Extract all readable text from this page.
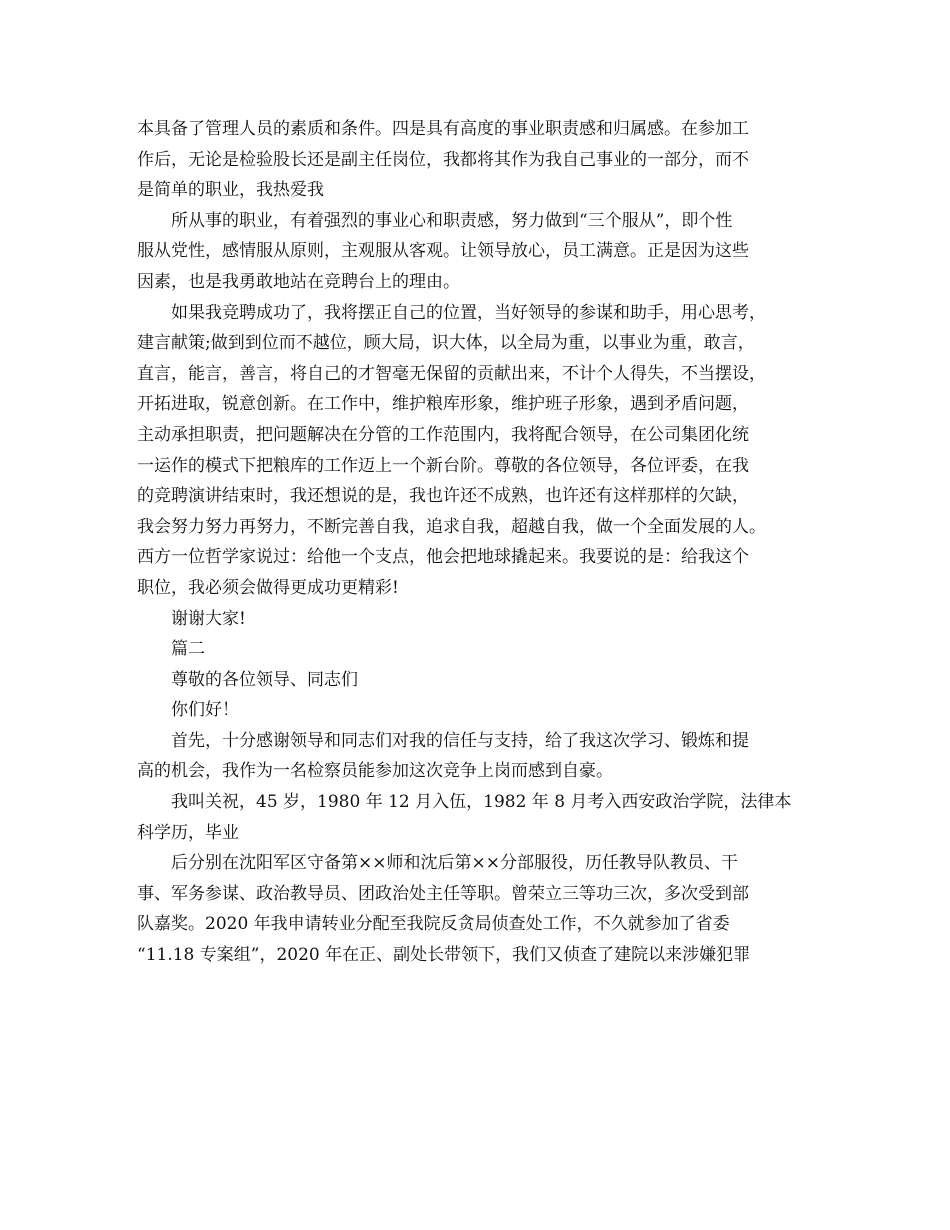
本具备了管理人员的素质和条件。四是具有高度的事业职责感和归属感。在参加工
作后，无论是检验股长还是副主任岗位，我都将其作为我自己事业的一部分，而不
是简单的职业，我热爱我
所从事的职业，有着强烈的事业心和职责感，努力做到“三个服从”，即个性
服从党性，感情服从原则，主观服从客观。让领导放心，员工满意。正是因为这些
因素，也是我勇敢地站在竞聘台上的理由。
如果我竞聘成功了，我将摆正自己的位置，当好领导的参谋和助手，用心思考，
建言献策;做到到位而不越位，顾大局，识大体，以全局为重，以事业为重，敢言，
直言，能言，善言，将自己的才智毫无保留的贡献出来，不计个人得失，不当摆设，
开拓进取，锐意创新。在工作中，维护粮库形象，维护班子形象，遇到矛盾问题，
主动承担职责，把问题解决在分管的工作范围内，我将配合领导，在公司集团化统
一运作的模式下把粮库的工作迈上一个新台阶。尊敬的各位领导，各位评委，在我
的竞聘演讲结束时，我还想说的是，我也许还不成熟，也许还有这样那样的欠缺，
我会努力努力再努力，不断完善自我，追求自我，超越自我，做一个全面发展的人。
西方一位哲学家说过：给他一个支点，他会把地球撬起来。我要说的是：给我这个
职位，我必须会做得更成功更精彩!
谢谢大家!
篇二
尊敬的各位领导、同志们
你们好！
首先，十分感谢领导和同志们对我的信任与支持，给了我这次学习、锻炼和提
高的机会，我作为一名检察员能参加这次竞争上岗而感到自豪。
我叫关祝，45 岁，1980 年 12 月入伍，1982 年 8 月考入西安政治学院，法律本
科学历，毕业
后分别在沈阳军区守备第××师和沈后第××分部服役，历任教导队教员、干
事、军务参谋、政治教导员、团政治处主任等职。曾荣立三等功三次，多次受到部
队嘉奖。2020 年我申请转业分配至我院反贪局侦查处工作，不久就参加了省委
“11.18 专案组”，2020 年在正、副处长带领下，我们又侦查了建院以来涉嫌犯罪
